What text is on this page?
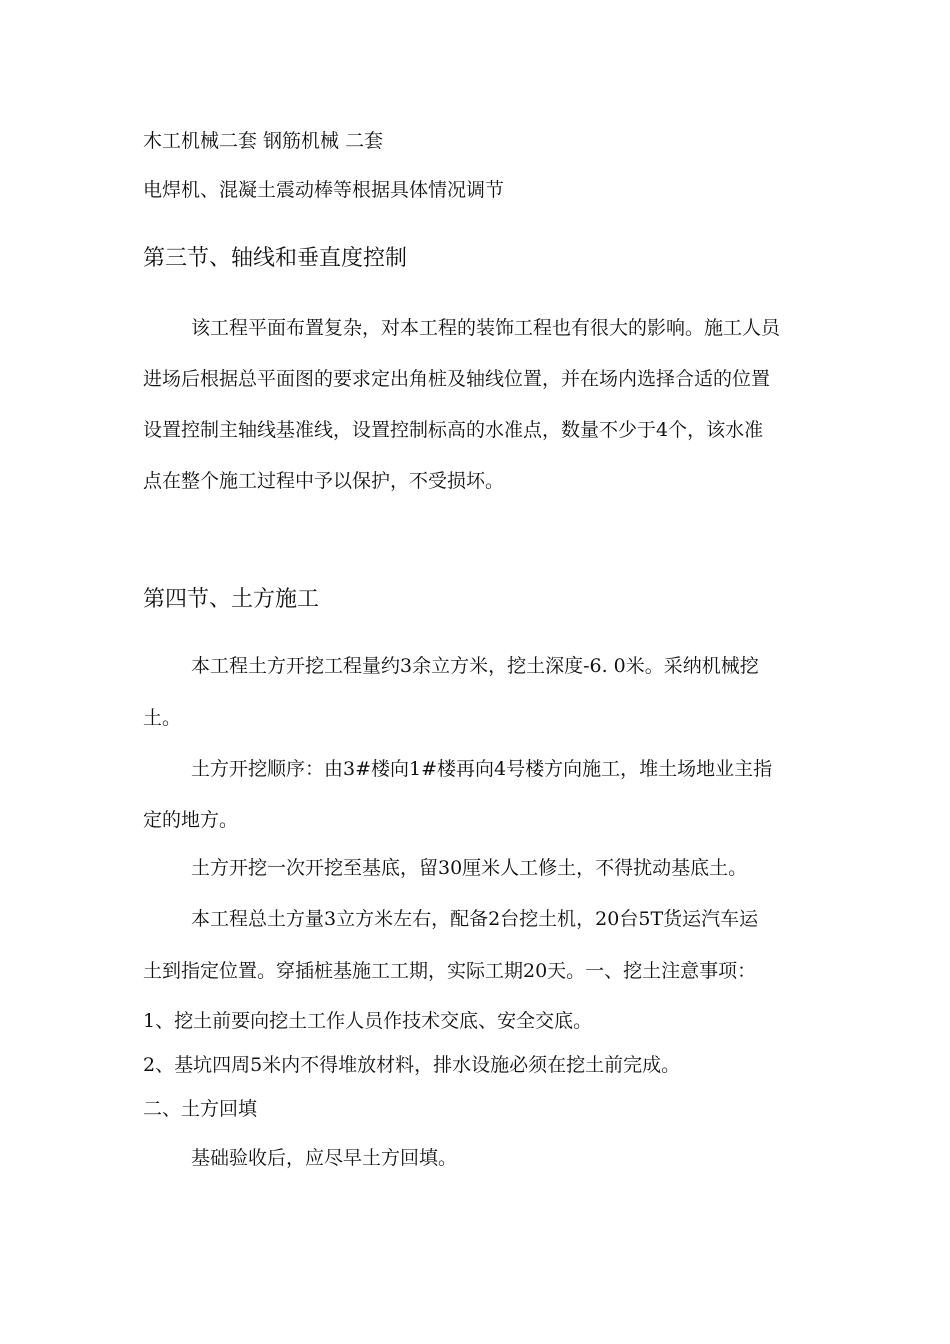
木工机械二套 钢筋机械 二套
电焊机、混凝土震动棒等根据具体情况调节
第三节、轴线和垂直度控制
该工程平面布置复杂，对本工程的装饰工程也有很大的影响。施工人员
进场后根据总平面图的要求定出角桩及轴线位置，并在场内选择合适的位置
设置控制主轴线基准线，设置控制标高的水准点，数量不少于4个，该水准
点在整个施工过程中予以保护，不受损坏。
第四节、土方施工
本工程土方开挖工程量约3余立方米，挖土深度-6. 0米。采纳机械挖
土。
土方开挖顺序：由3#楼向1#楼再向4号楼方向施工，堆土场地业主指
定的地方。
土方开挖一次开挖至基底，留30厘米人工修土，不得扰动基底土。
本工程总土方量3立方米左右，配备2台挖土机，20台5T货运汽车运
土到指定位置。穿插桩基施工工期，实际工期20天。一、挖土注意事项：
1、挖土前要向挖土工作人员作技术交底、安全交底。
2、基坑四周5米内不得堆放材料，排水设施必须在挖土前完成。
二、土方回填
基础验收后，应尽早土方回填。
